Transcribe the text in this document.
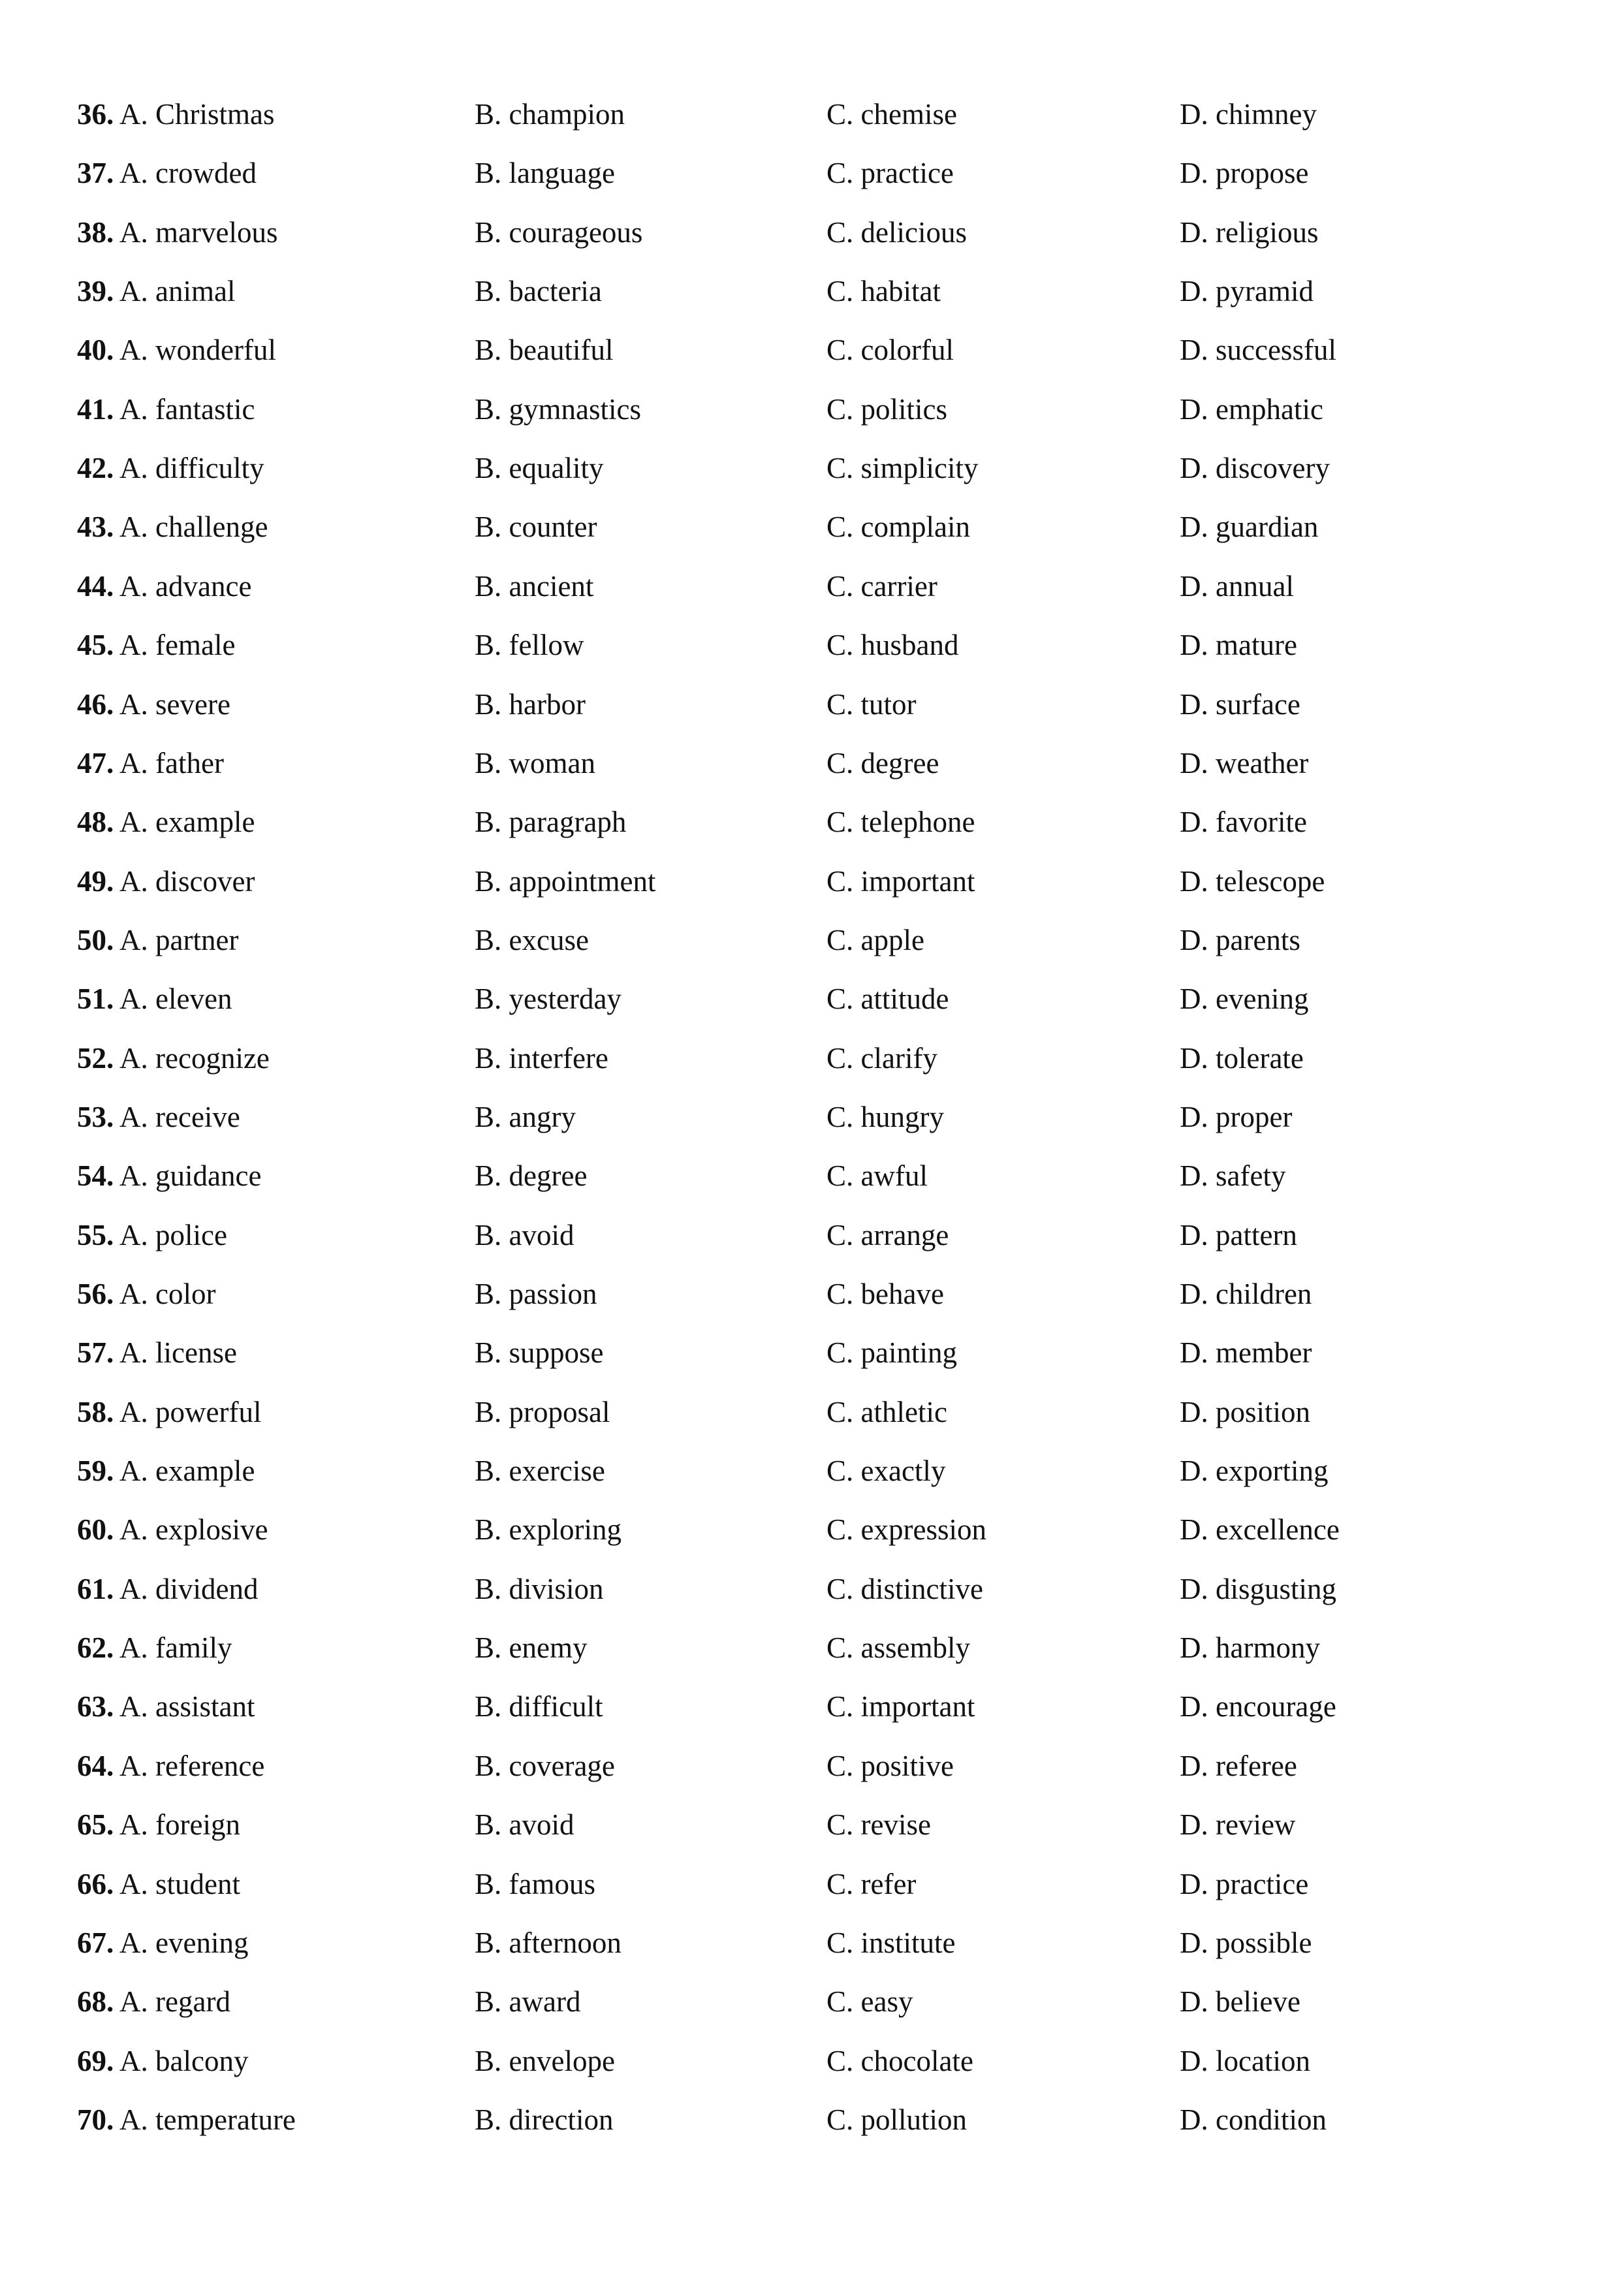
36. A. Christmas	B. champion	C. chemise	D. chimney
37. A. crowded	B. language	C. practice	D. propose
38. A. marvelous	B. courageous	C. delicious	D. religious
39. A. animal	B. bacteria	C. habitat	D. pyramid
40. A. wonderful	B. beautiful	C. colorful	D. successful
41. A. fantastic	B. gymnastics	C. politics	D. emphatic
42. A. difficulty	B. equality	C. simplicity	D. discovery
43. A. challenge	B. counter	C. complain	D. guardian
44. A. advance	B. ancient	C. carrier	D. annual
45. A. female	B. fellow	C. husband	D. mature
46. A. severe	B. harbor	C. tutor	D. surface
47. A. father	B. woman	C. degree	D. weather
48. A. example	B. paragraph	C. telephone	D. favorite
49. A. discover	B. appointment	C. important	D. telescope
50. A. partner	B. excuse	C. apple	D. parents
51. A. eleven	B. yesterday	C. attitude	D. evening
52. A. recognize	B. interfere	C. clarify	D. tolerate
53. A. receive	B. angry	C. hungry	D. proper
54. A. guidance	B. degree	C. awful	D. safety
55. A. police	B. avoid	C. arrange	D. pattern
56. A. color	B. passion	C. behave	D. children
57. A. license	B. suppose	C. painting	D. member
58. A. powerful	B. proposal	C. athletic	D. position
59. A. example	B. exercise	C. exactly	D. exporting
60. A. explosive	B. exploring	C. expression	D. excellence
61. A. dividend	B. division	C. distinctive	D. disgusting
62. A. family	B. enemy	C. assembly	D. harmony
63. A. assistant	B. difficult	C. important	D. encourage
64. A. reference	B. coverage	C. positive	D. referee
65. A. foreign	B. avoid	C. revise	D. review
66. A. student	B. famous	C. refer	D. practice
67. A. evening	B. afternoon	C. institute	D. possible
68. A. regard	B. award	C. easy	D. believe
69. A. balcony	B. envelope	C. chocolate	D. location
70. A. temperature	B. direction	C. pollution	D. condition
